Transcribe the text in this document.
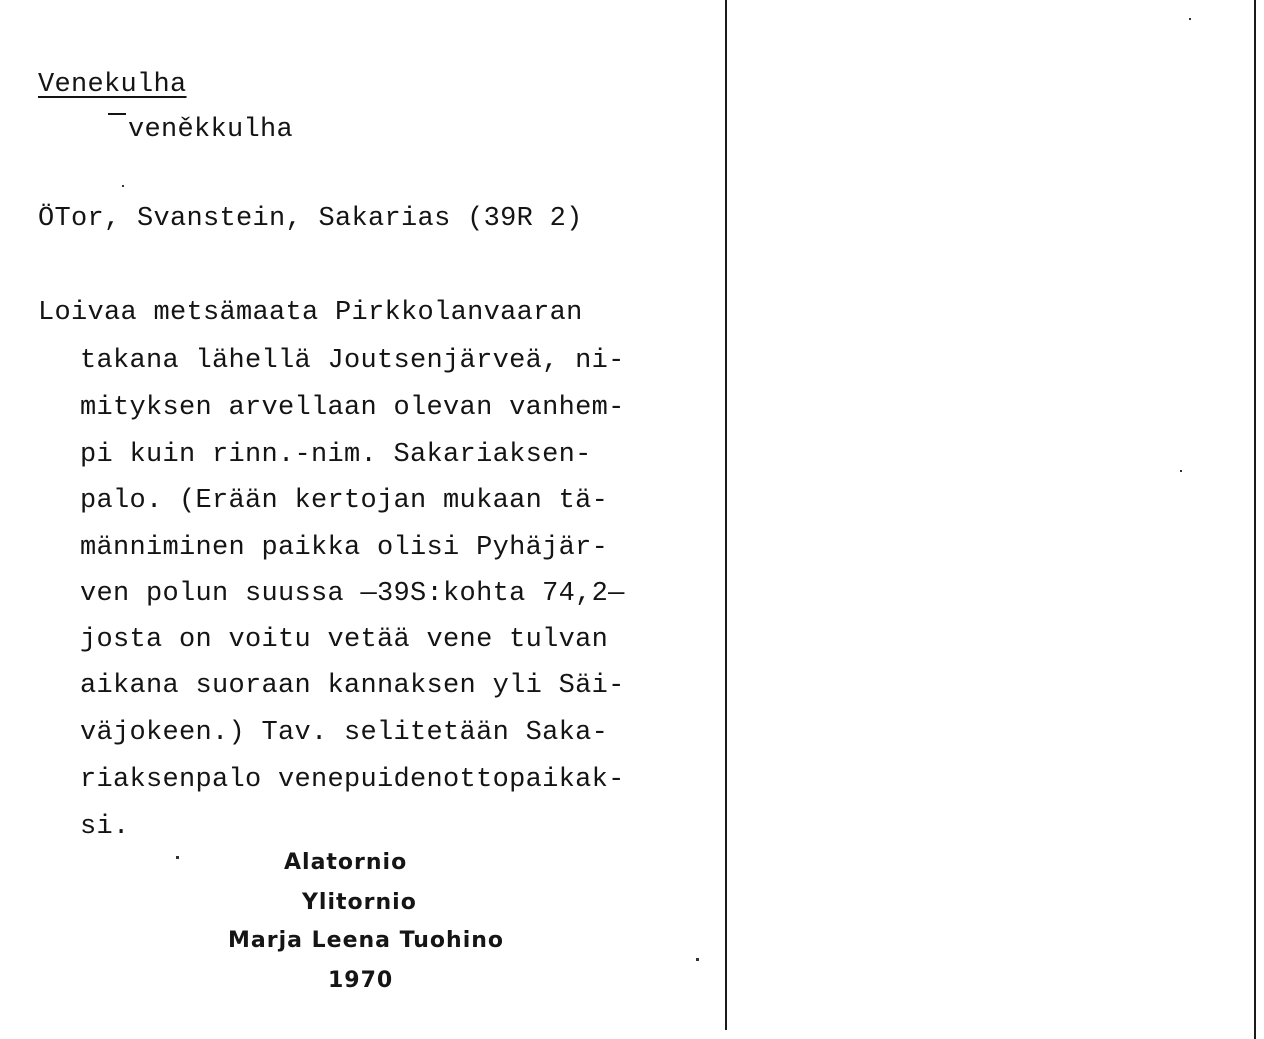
Venekulha
veněkkulha
ÖTor, Svanstein, Sakarias (39R 2)
Loivaa metsämaata Pirkkolanvaaran
takana lähellä Joutsenjärveä, ni-
mityksen arvellaan olevan vanhem-
pi kuin rinn.-nim. Sakariaksen-
palo. (Erään kertojan mukaan tä-
männiminen paikka olisi Pyhäjär-
ven polun suussa —39S:kohta 74,2—
josta on voitu vetää vene tulvan
aikana suoraan kannaksen yli Säi-
väjokeen.) Tav. selitetään Saka-
riaksenpalo venepuidenottopaikak-
si.
Alatornio
Ylitornio
Marja Leena Tuohino
1970
